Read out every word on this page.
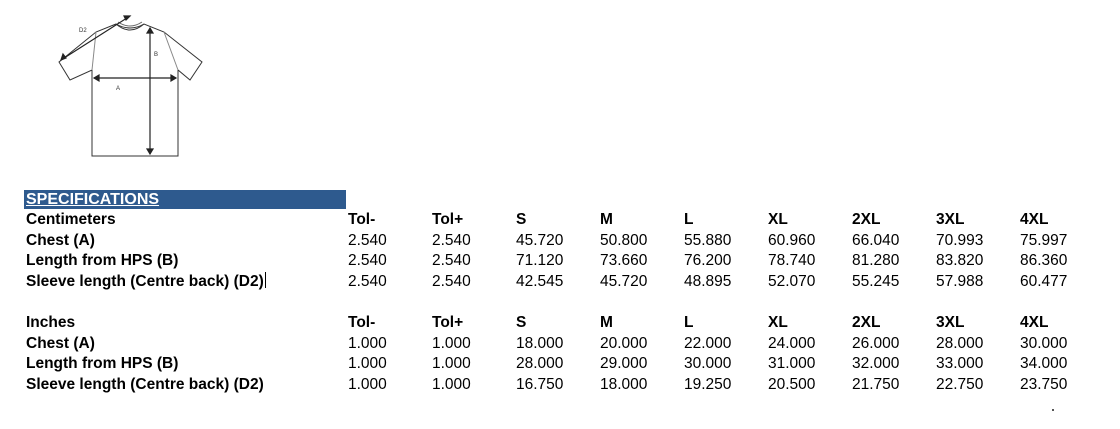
D2
B
A
SPECIFICATIONS
Centimeters	Tol-	Tol+	S	M	L	XL	2XL	3XL	4XL
Chest (A)	2.540	2.540	45.720	50.800	55.880	60.960	66.040	70.993	75.997
Length from HPS (B)	2.540	2.540	71.120	73.660	76.200	78.740	81.280	83.820	86.360
Sleeve length (Centre back) (D2)	2.540	2.540	42.545	45.720	48.895	52.070	55.245	57.988	60.477
Inches	Tol-	Tol+	S	M	L	XL	2XL	3XL	4XL
Chest (A)	1.000	1.000	18.000	20.000	22.000	24.000	26.000	28.000	30.000
Length from HPS (B)	1.000	1.000	28.000	29.000	30.000	31.000	32.000	33.000	34.000
Sleeve length (Centre back) (D2)	1.000	1.000	16.750	18.000	19.250	20.500	21.750	22.750	23.750
